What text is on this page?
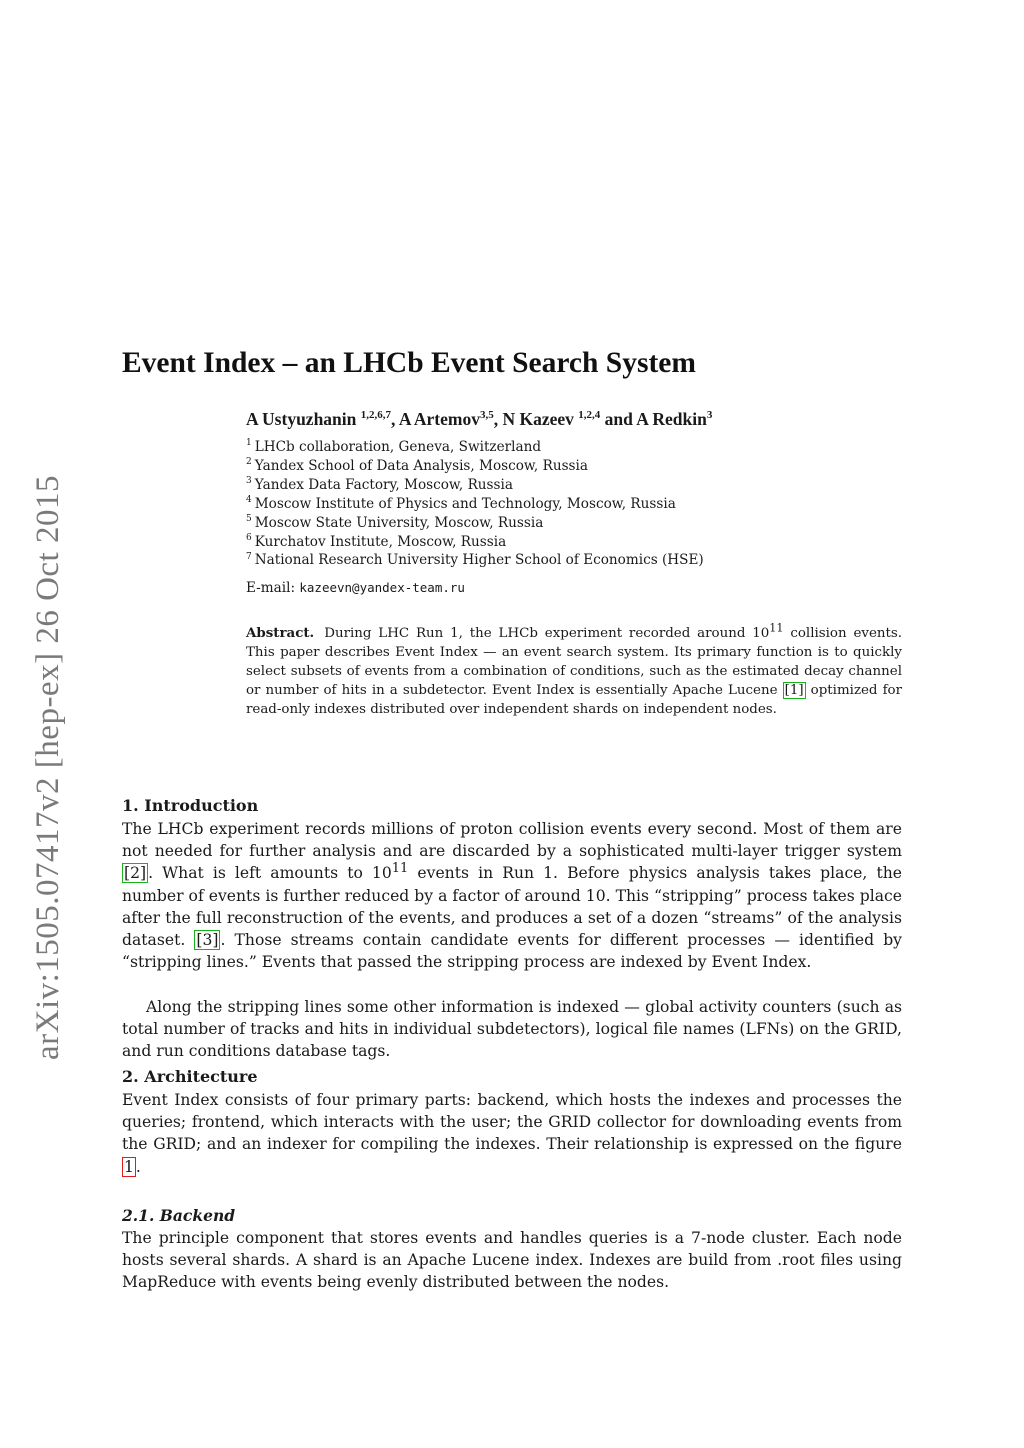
arXiv:1505.07417v2 [hep-ex] 26 Oct 2015
Event Index – an LHCb Event Search System
A Ustyuzhanin $^{1,2,6,7}$, A Artemov$^{3,5}$, N Kazeev $^{1,2,4}$ and A Redkin$^3$
$^1$ LHCb collaboration, Geneva, Switzerland
$^2$ Yandex School of Data Analysis, Moscow, Russia
$^3$ Yandex Data Factory, Moscow, Russia
$^4$ Moscow Institute of Physics and Technology, Moscow, Russia
$^5$ Moscow State University, Moscow, Russia
$^6$ Kurchatov Institute, Moscow, Russia
$^7$ National Research University Higher School of Economics (HSE)
E-mail: kazeevn@yandex-team.ru

Abstract. During LHC Run 1, the LHCb experiment recorded around $10^{11}$ collision events. This paper describes Event Index — an event search system. Its primary function is to quickly select subsets of events from a combination of conditions, such as the estimated decay channel or number of hits in a subdetector. Event Index is essentially Apache Lucene [1] optimized for read-only indexes distributed over independent shards on independent nodes.

1. Introduction

The LHCb experiment records millions of proton collision events every second. Most of them are not needed for further analysis and are discarded by a sophisticated multi-layer trigger system [2] . What is left amounts to $10^{11}$ events in Run 1. Before physics analysis takes place, the number of events is further reduced by a factor of around 10. This “stripping” process takes place after the full reconstruction of the events, and produces a set of a dozen “streams” of the analysis dataset. [3] . Those streams contain candidate events for different processes — identified by “stripping lines.” Events that passed the stripping process are indexed by Event Index.

Along the stripping lines some other information is indexed — global activity counters (such as total number of tracks and hits in individual subdetectors), logical file names (LFNs) on the GRID, and run conditions database tags.

2. Architecture

Event Index consists of four primary parts: backend, which hosts the indexes and processes the queries; frontend, which interacts with the user; the GRID collector for downloading events from the GRID; and an indexer for compiling the indexes. Their relationship is expressed on the figure 1 .

2.1. Backend

The principle component that stores events and handles queries is a 7-node cluster. Each node hosts several shards. A shard is an Apache Lucene index. Indexes are build from .root files using MapReduce with events being evenly distributed between the nodes.
